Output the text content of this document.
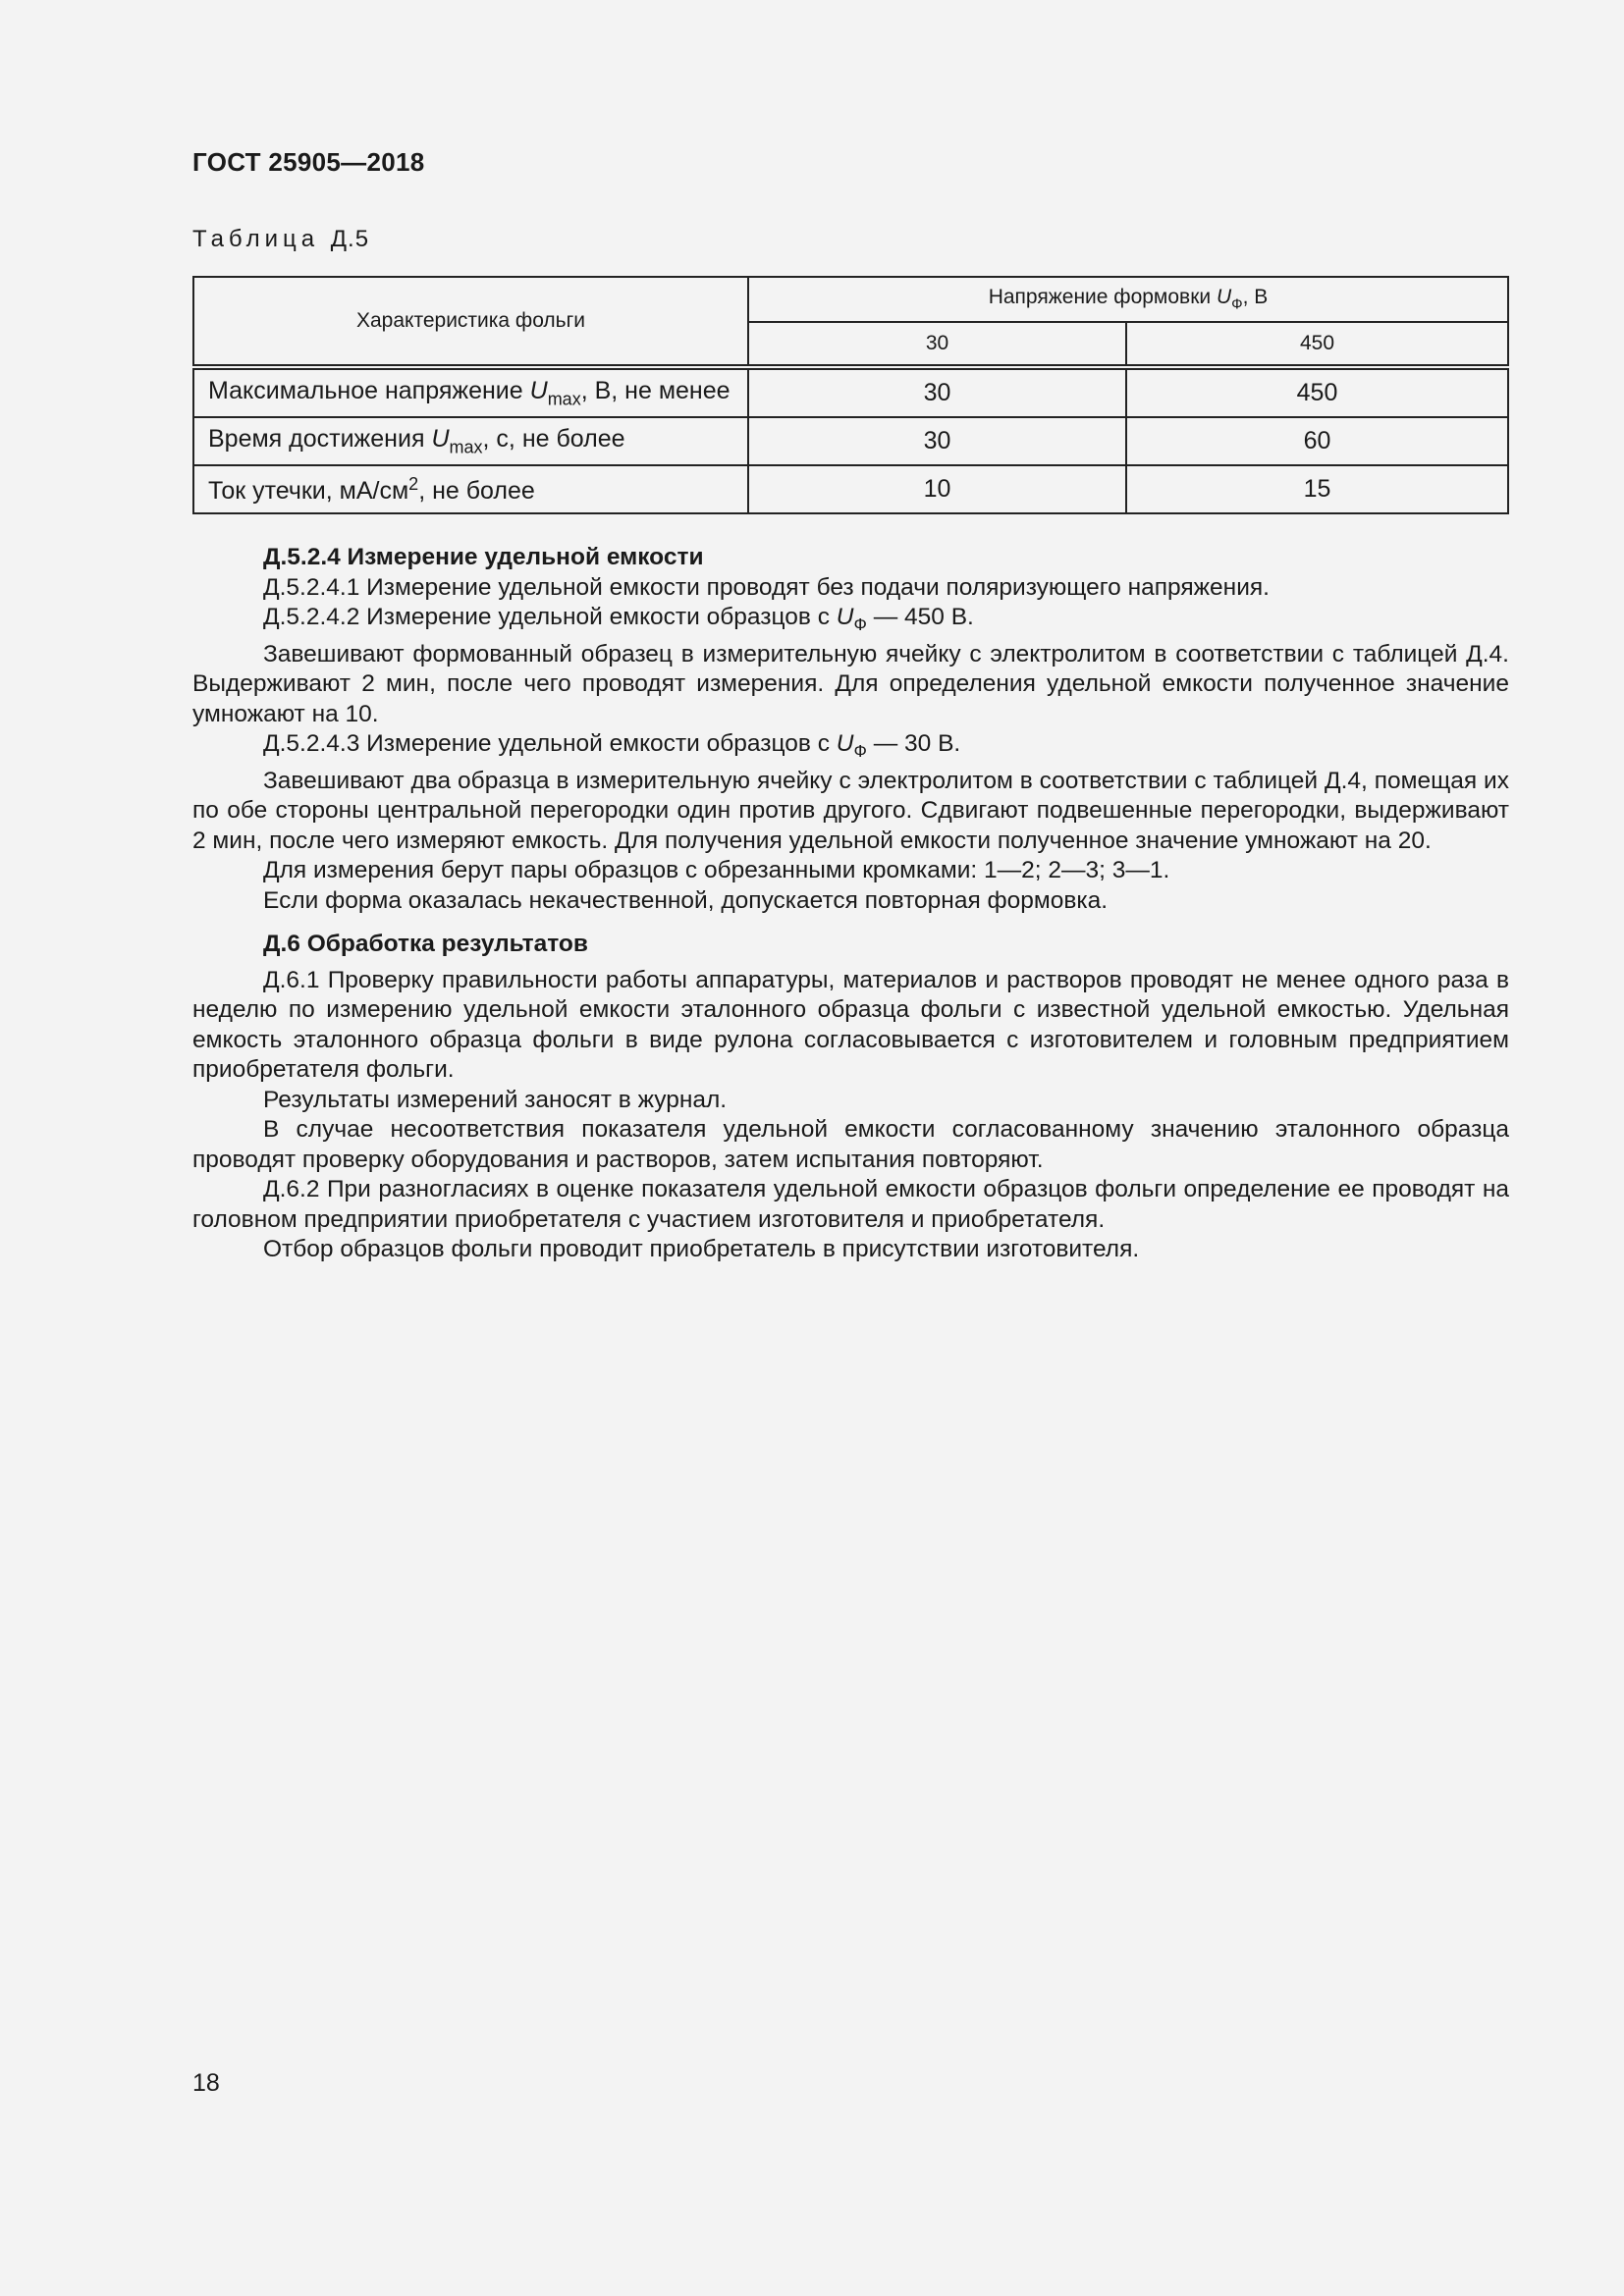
ГОСТ 25905—2018
Таблица Д.5
Характеристика фольги	Напряжение формовки $U_Ф$, В	
	30	450
Максимальное напряжение $U_{max}$, В, не менее	30	450
Время достижения $U_{max}$, с, не более	30	60
Ток утечки, $мА/см^2$, не более	10	15

Д.5.2.4 Измерение удельной емкости

Д.5.2.4.1 Измерение удельной емкости проводят без подачи поляризующего напряжения.

Д.5.2.4.2 Измерение удельной емкости образцов с $U_Ф$ — 450 В.

Завешивают формованный образец в измерительную ячейку с электролитом в соответствии с таблицей Д.4. Выдерживают 2 мин, после чего проводят измерения. Для определения удельной емкости полученное значение умножают на 10.

Д.5.2.4.3 Измерение удельной емкости образцов с $U_Ф$ — 30 В.

Завешивают два образца в измерительную ячейку с электролитом в соответствии с таблицей Д.4, помещая их по обе стороны центральной перегородки один против другого. Сдвигают подвешенные перегородки, выдерживают 2 мин, после чего измеряют емкость. Для получения удельной емкости полученное значение умножают на 20.

Для измерения берут пары образцов с обрезанными кромками: 1—2; 2—3; 3—1.

Если форма оказалась некачественной, допускается повторная формовка.

Д.6 Обработка результатов

Д.6.1 Проверку правильности работы аппаратуры, материалов и растворов проводят не менее одного раза в неделю по измерению удельной емкости эталонного образца фольги с известной удельной емкостью. Удельная емкость эталонного образца фольги в виде рулона согласовывается с изготовителем и головным предприятием приобретателя фольги.

Результаты измерений заносят в журнал.

В случае несоответствия показателя удельной емкости согласованному значению эталонного образца проводят проверку оборудования и растворов, затем испытания повторяют.

Д.6.2 При разногласиях в оценке показателя удельной емкости образцов фольги определение ее проводят на головном предприятии приобретателя с участием изготовителя и приобретателя.

Отбор образцов фольги проводит приобретатель в присутствии изготовителя.

18
